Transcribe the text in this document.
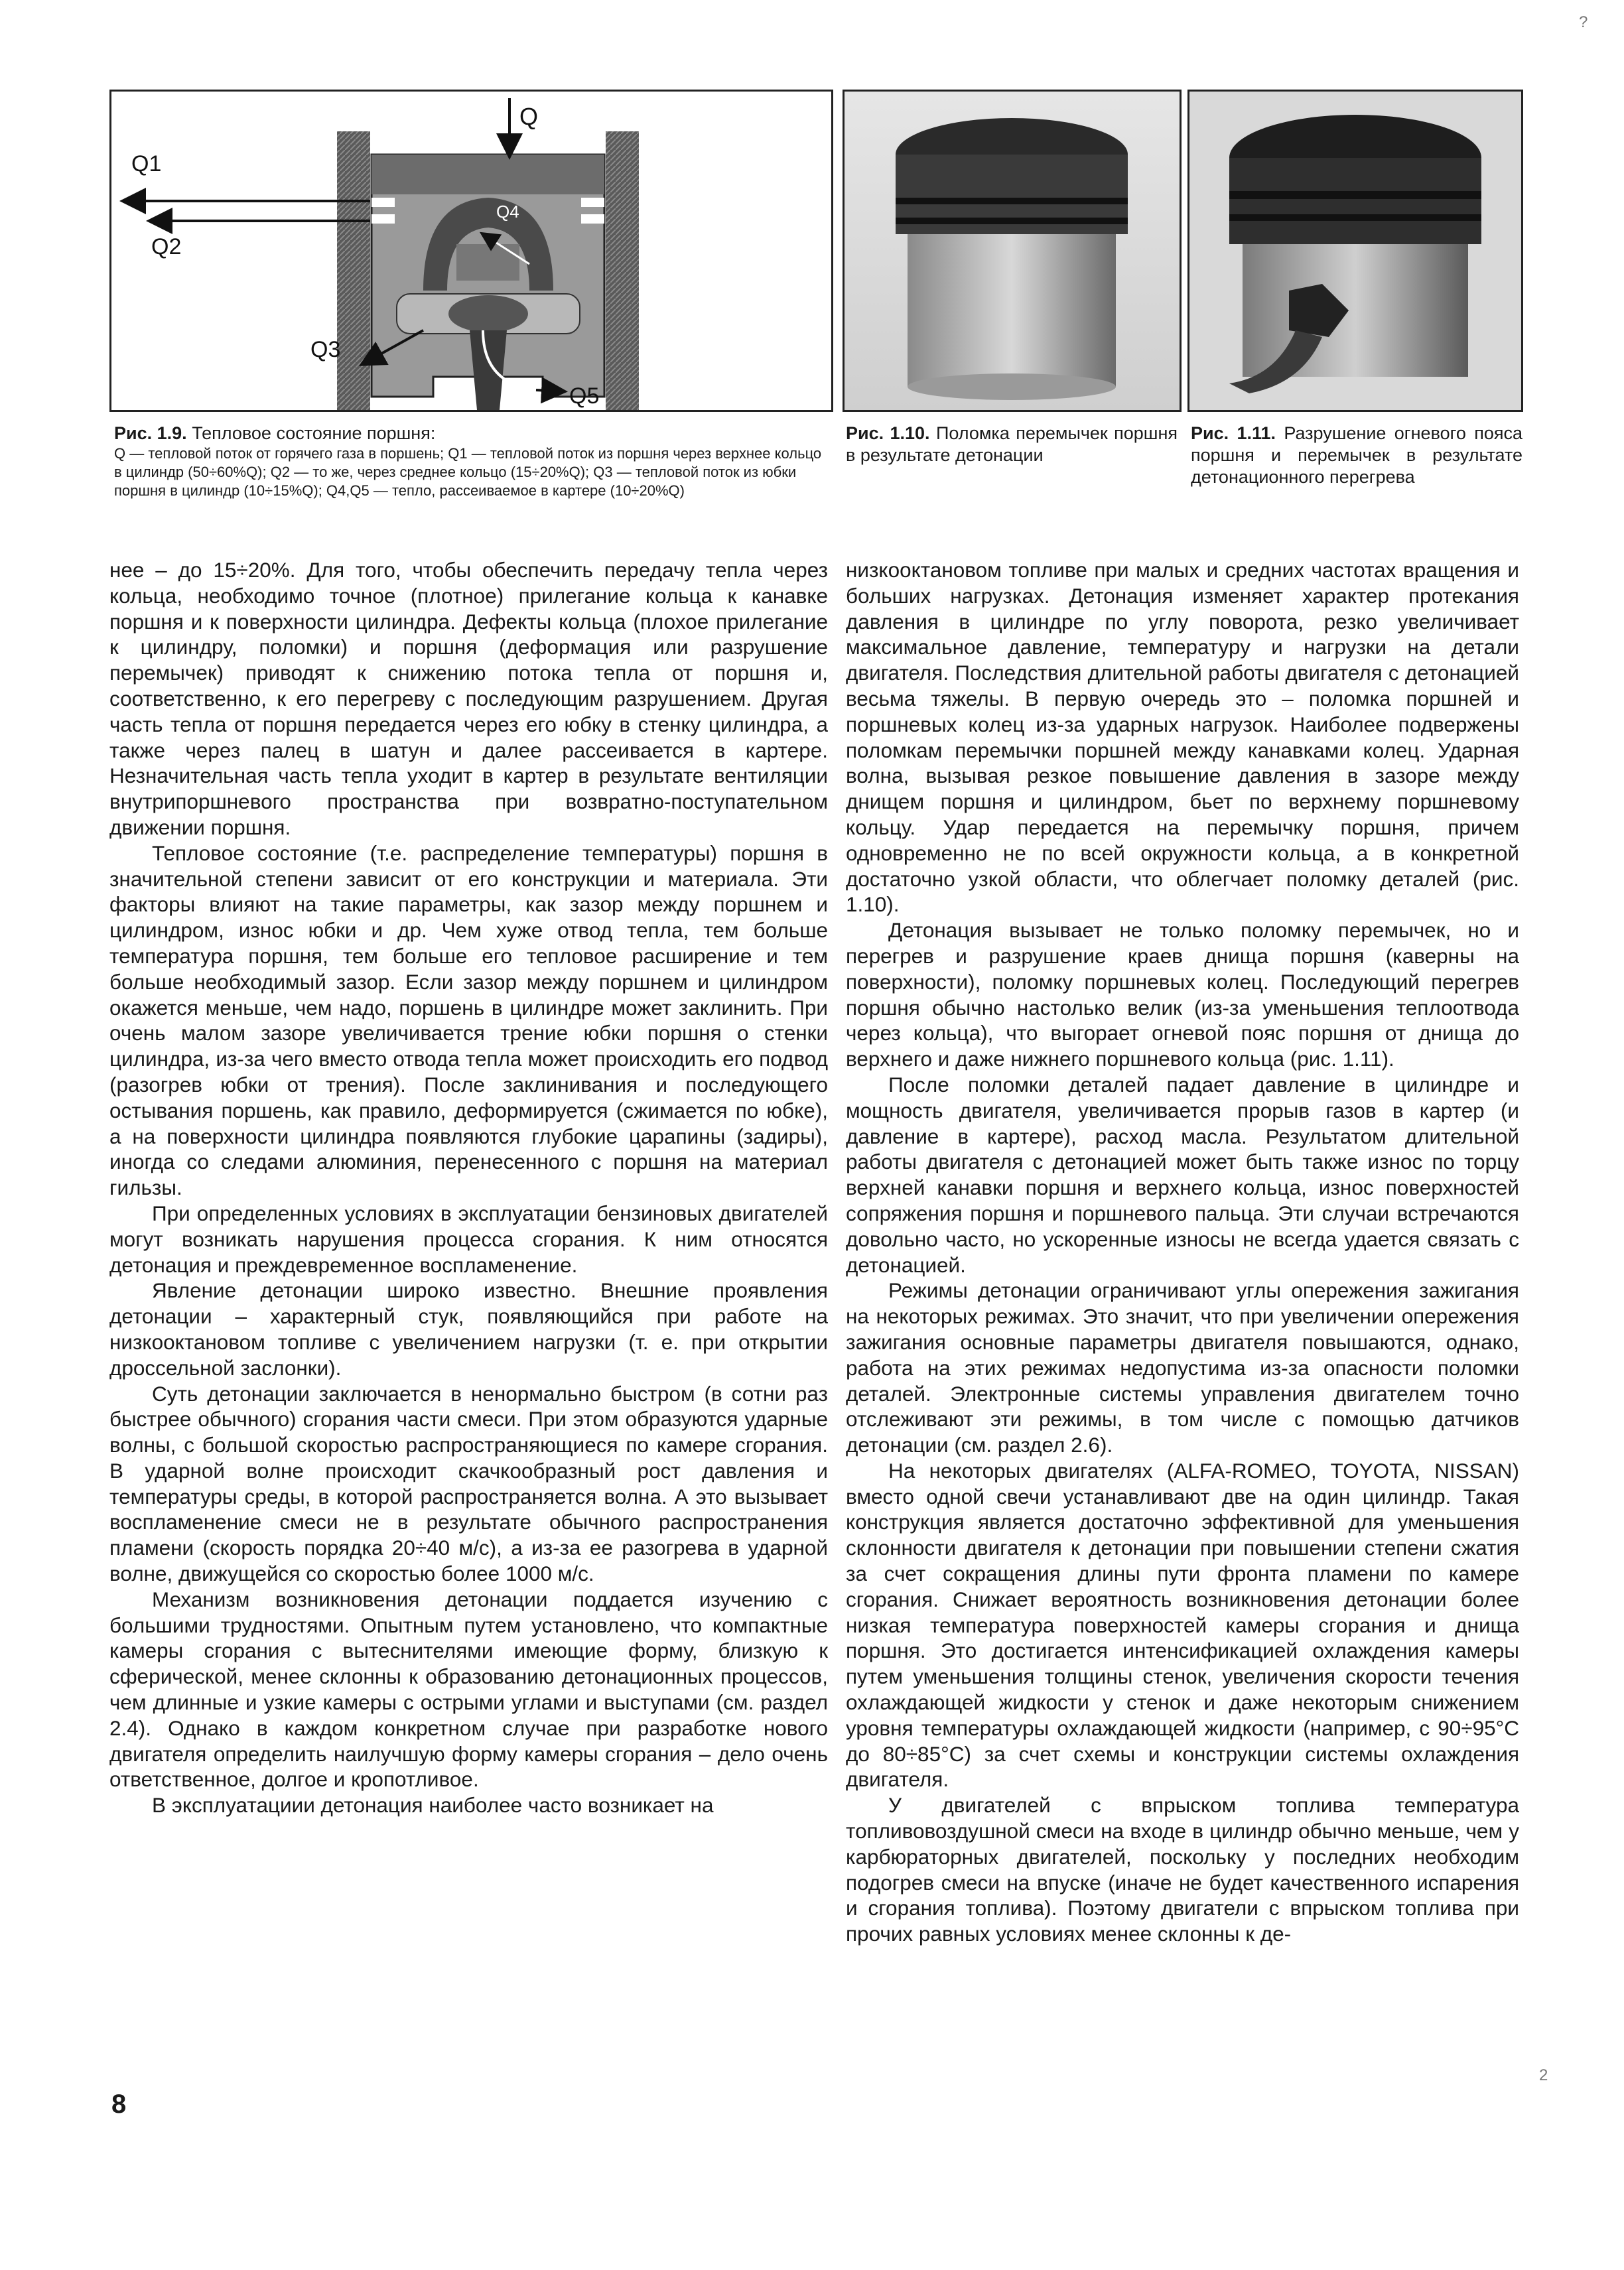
Q
Q1
Q2
Q3
Q4
Q5
Рис. 1.9. Тепловое состояние поршня:
Q — тепловой поток от горячего газа в поршень; Q1 — тепловой поток из поршня через верхнее кольцо в цилиндр (50÷60%Q); Q2 — то же, через среднее кольцо (15÷20%Q); Q3 — тепловой поток из юбки поршня в цилиндр (10÷15%Q); Q4,Q5 — тепло, рассеиваемое в картере (10÷20%Q)
Рис. 1.10. Поломка перемычек поршня в результате детонации
Рис. 1.11. Разрушение огневого пояса поршня и перемычек в результате детонационного перегрева

нее – до 15÷20%. Для того, чтобы обеспечить передачу тепла через кольца, необходимо точное (плотное) прилегание кольца к канавке поршня и к поверхности цилиндра. Дефекты кольца (плохое прилегание к цилиндру, поломки) и поршня (деформация или разрушение перемычек) приводят к снижению потока тепла от поршня и, соответственно, к его перегреву с последующим разрушением. Другая часть тепла от поршня передается через его юбку в стенку цилиндра, а также через палец в шатун и далее рассеивается в картере. Незначительная часть тепла уходит в картер в результате вентиляции внутрипоршневого пространства при возвратно-поступательном движении поршня.

Тепловое состояние (т.е. распределение температуры) поршня в значительной степени зависит от его конструкции и материала. Эти факторы влияют на такие параметры, как зазор между поршнем и цилиндром, износ юбки и др. Чем хуже отвод тепла, тем больше температура поршня, тем больше его тепловое расширение и тем больше необходимый зазор. Если зазор между поршнем и цилиндром окажется меньше, чем надо, поршень в цилиндре может заклинить. При очень малом зазоре увеличивается трение юбки поршня о стенки цилиндра, из-за чего вместо отвода тепла может происходить его подвод (разогрев юбки от трения). После заклинивания и последующего остывания поршень, как правило, деформируется (сжимается по юбке), а на поверхности цилиндра появляются глубокие царапины (задиры), иногда со следами алюминия, перенесенного с поршня на материал гильзы.

При определенных условиях в эксплуатации бензиновых двигателей могут возникать нарушения процесса сгорания. К ним относятся детонация и преждевременное воспламенение.

Явление детонации широко известно. Внешние проявления детонации – характерный стук, появляющийся при работе на низкооктановом топливе с увеличением нагрузки (т. е. при открытии дроссельной заслонки).

Суть детонации заключается в ненормально быстром (в сотни раз быстрее обычного) сгорания части смеси. При этом образуются ударные волны, с большой скоростью распространяющиеся по камере сгорания. В ударной волне происходит скачкообразный рост давления и температуры среды, в которой распространяется волна. А это вызывает воспламенение смеси не в результате обычного распространения пламени (скорость порядка 20÷40 м/с), а из-за ее разогрева в ударной волне, движущейся со скоростью более 1000 м/с.

Механизм возникновения детонации поддается изучению с большими трудностями. Опытным путем установлено, что компактные камеры сгорания с вытеснителями имеющие форму, близкую к сферической, менее склонны к образованию детонационных процессов, чем длинные и узкие камеры с острыми углами и выступами (см. раздел 2.4). Однако в каждом конкретном случае при разработке нового двигателя определить наилучшую форму камеры сгорания – дело очень ответственное, долгое и кропотливое.

В эксплуатациии детонация наиболее часто возникает на

низкооктановом топливе при малых и средних частотах вращения и больших нагрузках. Детонация изменяет характер протекания давления в цилиндре по углу поворота, резко увеличивает максимальное давление, температуру и нагрузки на детали двигателя. Последствия длительной работы двигателя с детонацией весьма тяжелы. В первую очередь это – поломка поршней и поршневых колец из-за ударных нагрузок. Наиболее подвержены поломкам перемычки поршней между канавками колец. Ударная волна, вызывая резкое повышение давления в зазоре между днищем поршня и цилиндром, бьет по верхнему поршневому кольцу. Удар передается на перемычку поршня, причем одновременно не по всей окружности кольца, а в конкретной достаточно узкой области, что облегчает поломку деталей (рис. 1.10).

Детонация вызывает не только поломку перемычек, но и перегрев и разрушение краев днища поршня (каверны на поверхности), поломку поршневых колец. Последующий перегрев поршня обычно настолько велик (из-за уменьшения теплоотвода через кольца), что выгорает огневой пояс поршня от днища до верхнего и даже нижнего поршневого кольца (рис. 1.11).

После поломки деталей падает давление в цилиндре и мощность двигателя, увеличивается прорыв газов в картер (и давление в картере), расход масла. Результатом длительной работы двигателя с детонацией может быть также износ по торцу верхней канавки поршня и верхнего кольца, износ поверхностей сопряжения поршня и поршневого пальца. Эти случаи встречаются довольно часто, но ускоренные износы не всегда удается связать с детонацией.

Режимы детонации ограничивают углы опережения зажигания на некоторых режимах. Это значит, что при увеличении опережения зажигания основные параметры двигателя повышаются, однако, работа на этих режимах недопустима из-за опасности поломки деталей. Электронные системы управления двигателем точно отслеживают эти режимы, в том числе с помощью датчиков детонации (см. раздел 2.6).

На некоторых двигателях (ALFA-ROMEO, TOYOTA, NISSAN) вместо одной свечи устанавливают две на один цилиндр. Такая конструкция является достаточно эффективной для уменьшения склонности двигателя к детонации при повышении степени сжатия за счет сокращения длины пути фронта пламени по камере сгорания. Снижает вероятность возникновения детонации более низкая температура поверхностей камеры сгорания и днища поршня. Это достигается интенсификацией охлаждения камеры путем уменьшения толщины стенок, увеличения скорости течения охлаждающей жидкости у стенок и даже некоторым снижением уровня температуры охлаждающей жидкости (например, с 90÷95°C до 80÷85°C) за счет схемы и конструкции системы охлаждения двигателя.

У двигателей с впрыском топлива температура топливовоздушной смеси на входе в цилиндр обычно меньше, чем у карбюраторных двигателей, поскольку у последних необходим подогрев смеси на впуске (иначе не будет качественного испарения и сгорания топлива). Поэтому двигатели с впрыском топлива при прочих равных условиях менее склонны к де-

8
?
2
